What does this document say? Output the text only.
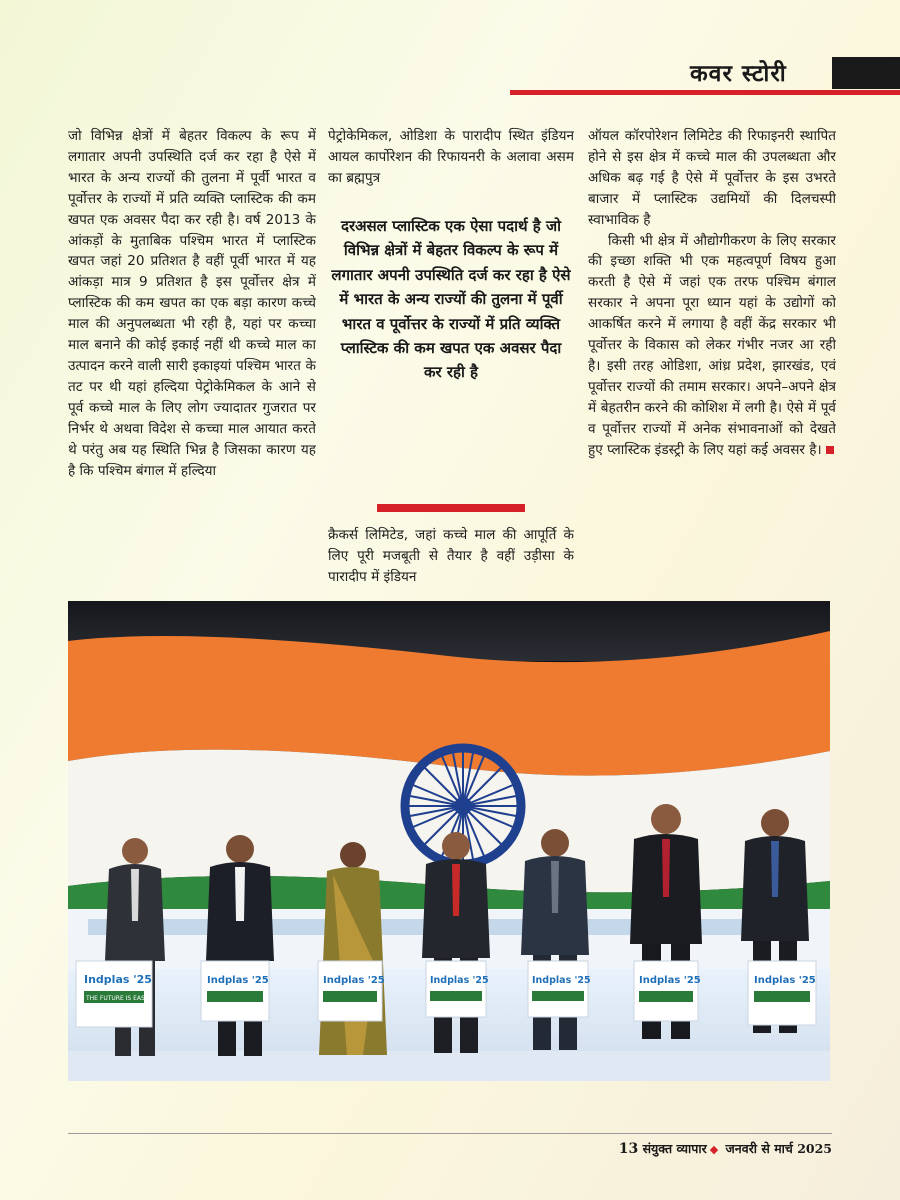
कवर स्टोरी

जो विभिन्न क्षेत्रों में बेहतर विकल्प के रूप में लगातार अपनी उपस्थिति दर्ज कर रहा है ऐसे में भारत के अन्य राज्यों की तुलना में पूर्वी भारत व पूर्वोत्तर के राज्यों में प्रति व्यक्ति प्लास्टिक की कम खपत एक अवसर पैदा कर रही है। वर्ष 2013 के आंकड़ों के मुताबिक पश्चिम भारत में प्लास्टिक खपत जहां 20 प्रतिशत है वहीं पूर्वी भारत में यह आंकड़ा मात्र 9 प्रतिशत है इस पूर्वोत्तर क्षेत्र में प्लास्टिक की कम खपत का एक बड़ा कारण कच्चे माल की अनुपलब्धता भी रही है, यहां पर कच्चा माल बनाने की कोई इकाई नहीं थी कच्चे माल का उत्पादन करने वाली सारी इकाइयां पश्चिम भारत के तट पर थी यहां हल्दिया पेट्रोकेमिकल के आने से पूर्व कच्चे माल के लिए लोग ज्यादातर गुजरात पर निर्भर थे अथवा विदेश से कच्चा माल आयात करते थे परंतु अब यह स्थिति भिन्न है जिसका कारण यह है कि पश्चिम बंगाल में हल्दिया

पेट्रोकेमिकल, ओडिशा के पारादीप स्थित इंडियन आयल कार्पोरेशन की रिफायनरी के अलावा असम का ब्रह्मपुत्र

दरअसल प्लास्टिक एक ऐसा पदार्थ है जो विभिन्न क्षेत्रों में बेहतर विकल्प के रूप में लगातार अपनी उपस्थिति दर्ज कर रहा है ऐसे में भारत के अन्य राज्यों की तुलना में पूर्वी भारत व पूर्वोत्तर के राज्यों में प्रति व्यक्ति प्लास्टिक की कम खपत एक अवसर पैदा कर रही है

क्रैकर्स लिमिटेड, जहां कच्चे माल की आपूर्ति के लिए पूरी मजबूती से तैयार है वहीं उड़ीसा के पारादीप में इंडियन

ऑयल कॉरपोरेशन लिमिटेड की रिफाइनरी स्थापित होने से इस क्षेत्र में कच्चे माल की उपलब्धता और अधिक बढ़ गई है ऐसे में पूर्वोत्तर के इस उभरते बाजार में प्लास्टिक उद्यमियों की दिलचस्पी स्वाभाविक है

किसी भी क्षेत्र में औद्योगीकरण के लिए सरकार की इच्छा शक्ति भी एक महत्वपूर्ण विषय हुआ करती है ऐसे में जहां एक तरफ पश्चिम बंगाल सरकार ने अपना पूरा ध्यान यहां के उद्योगों को आकर्षित करने में लगाया है वहीं केंद्र सरकार भी पूर्वोत्तर के विकास को लेकर गंभीर नजर आ रही है। इसी तरह ओडिशा, आंध्र प्रदेश, झारखंड, एवं पूर्वोत्तर राज्यों की तमाम सरकार। अपने–अपने क्षेत्र में बेहतरीन करने की कोशिश में लगी है। ऐसे में पूर्व व पूर्वोत्तर राज्यों में अनेक संभावनाओं को देखते हुए प्लास्टिक इंडस्ट्री के लिए यहां कई अवसर है।

Indplas '25
THE FUTURE IS EAST
Indplas '25	Indplas '25	Indplas '25	Indplas '25	Indplas '25	Indplas '25
13 संयुक्त व्यापार ◆ जनवरी से मार्च 2025
